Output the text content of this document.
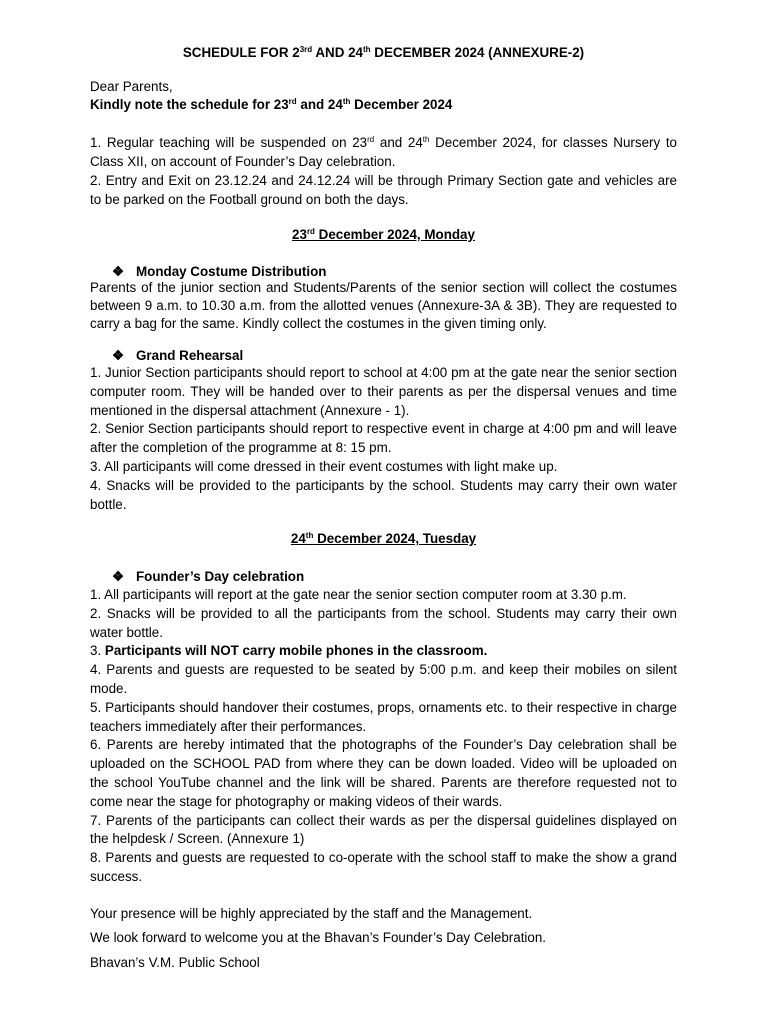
SCHEDULE FOR $2^{3rd}$ AND 24th DECEMBER 2024 (ANNEXURE-2)
Dear Parents,
Kindly note the schedule for 23rd and 24th December 2024
1. Regular teaching will be suspended on 23rd and 24th December 2024, for classes Nursery to Class XII, on account of Founder’s Day celebration.
2. Entry and Exit on 23.12.24 and 24.12.24 will be through Primary Section gate and vehicles are to be parked on the Football ground on both the days.
23rd December 2024, Monday
❖ Monday Costume Distribution
Parents of the junior section and Students/Parents of the senior section will collect the costumes between 9 a.m. to 10.30 a.m. from the allotted venues (Annexure-3A & 3B). They are requested to carry a bag for the same. Kindly collect the costumes in the given timing only.
❖ Grand Rehearsal

1. Junior Section participants should report to school at 4:00 pm at the gate near the senior section computer room. They will be handed over to their parents as per the dispersal venues and time mentioned in the dispersal attachment (Annexure - 1).

2. Senior Section participants should report to respective event in charge at 4:00 pm and will leave after the completion of the programme at 8: 15 pm.

3. All participants will come dressed in their event costumes with light make up.

4. Snacks will be provided to the participants by the school. Students may carry their own water bottle.

24th December 2024, Tuesday
❖ Founder’s Day celebration

1. All participants will report at the gate near the senior section computer room at 3.30 p.m.

2. Snacks will be provided to all the participants from the school. Students may carry their own water bottle.

3. Participants will NOT carry mobile phones in the classroom.

4. Parents and guests are requested to be seated by 5:00 p.m. and keep their mobiles on silent mode.

5. Participants should handover their costumes, props, ornaments etc. to their respective in charge teachers immediately after their performances.

6. Parents are hereby intimated that the photographs of the Founder’s Day celebration shall be uploaded on the SCHOOL PAD from where they can be down loaded. Video will be uploaded on the school YouTube channel and the link will be shared. Parents are therefore requested not to come near the stage for photography or making videos of their wards.

7. Parents of the participants can collect their wards as per the dispersal guidelines displayed on the helpdesk / Screen. (Annexure 1)

8. Parents and guests are requested to co-operate with the school staff to make the show a grand success.

Your presence will be highly appreciated by the staff and the Management.
We look forward to welcome you at the Bhavan’s Founder’s Day Celebration.
Bhavan’s V.M. Public School
